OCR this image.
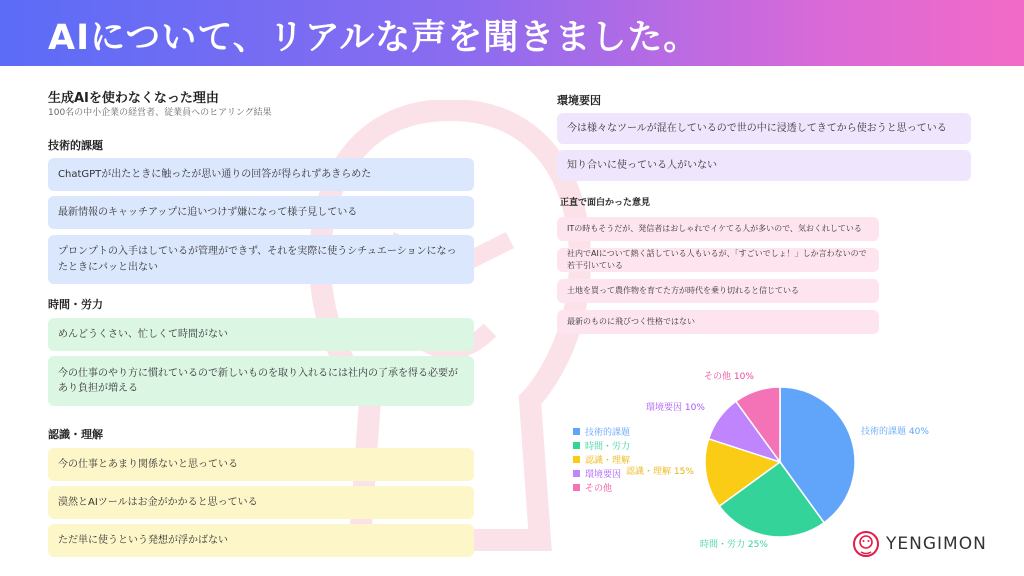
AIについて、リアルな声を聞きました。
生成AIを使わなくなった理由
100名の中小企業の経営者、従業員へのヒアリング結果
技術的課題
ChatGPTが出たときに触ったが思い通りの回答が得られずあきらめた
最新情報のキャッチアップに追いつけず嫌になって様子見している
プロンプトの入手はしているが管理ができず、それを実際に使うシチュエーションになったときにパッと出ない
時間・労力
めんどうくさい、忙しくて時間がない
今の仕事のやり方に慣れているので新しいものを取り入れるには社内の了承を得る必要があり負担が増える
認識・理解
今の仕事とあまり関係ないと思っている
漠然とAIツールはお金がかかると思っている
ただ単に使うという発想が浮かばない
環境要因
今は様々なツールが混在しているので世の中に浸透してきてから使おうと思っている
知り合いに使っている人がいない
正直で面白かった意見
ITの時もそうだが、発信者はおしゃれでイケてる人が多いので、気おくれしている
社内でAIについて熱く話している人もいるが、「すごいでしょ！」しか言わないので若干引いている
土地を買って農作物を育てた方が時代を乗り切れると信じている
最新のものに飛びつく性格ではない
技術的課題
時間・労力
認識・理解
環境要因
その他
技術的課題 40%
時間・労力 25%
認識・理解 15%
環境要因 10%
その他 10%
YENGIMON
